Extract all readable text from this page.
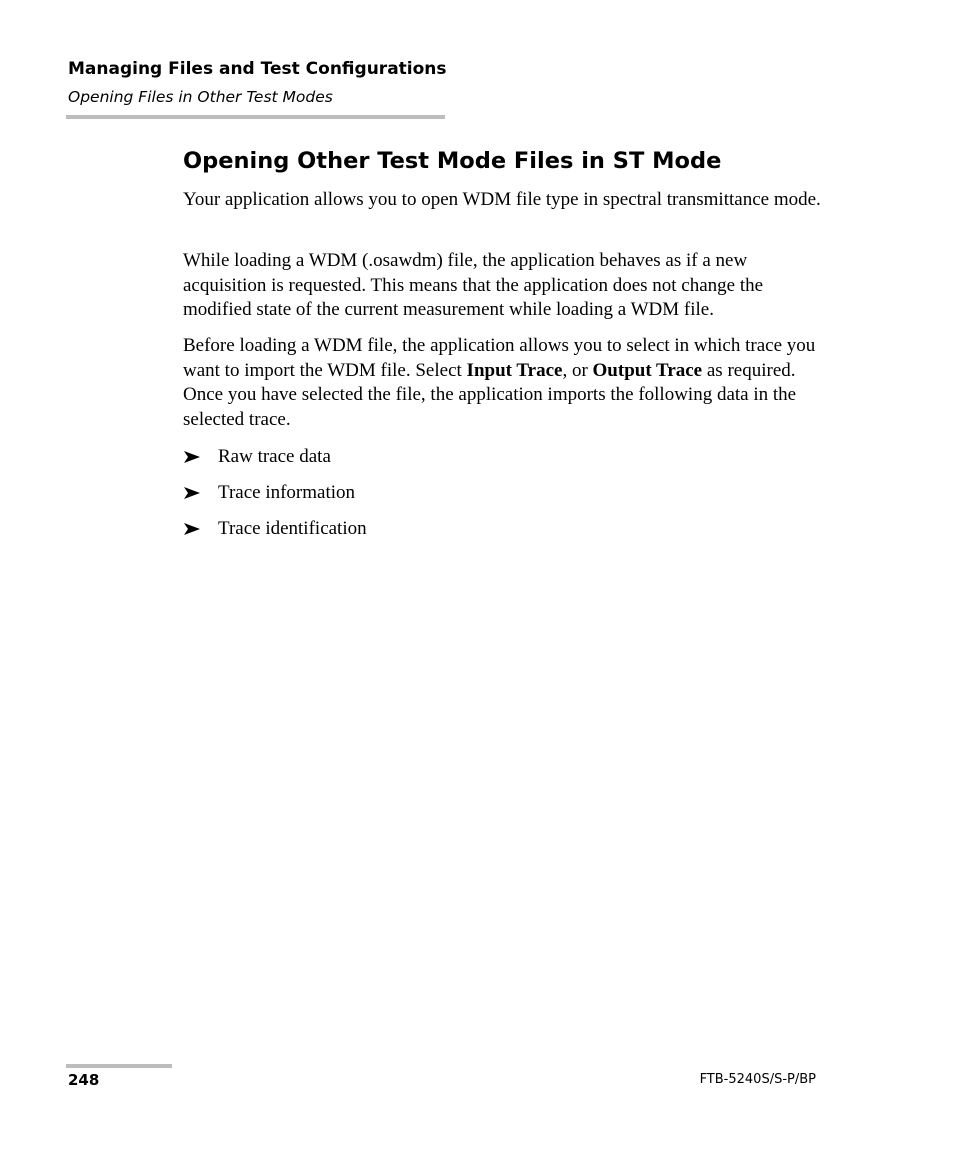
Managing Files and Test Configurations
Opening Files in Other Test Modes
Opening Other Test Mode Files in ST Mode

Your application allows you to open WDM file type in spectral transmittance mode.

While loading a WDM (.osawdm) file, the application behaves as if a new acquisition is requested. This means that the application does not change the modified state of the current measurement while loading a WDM file.

Before loading a WDM file, the application allows you to select in which trace you want to import the WDM file. Select Input Trace, or Output Trace as required. Once you have selected the file, the application imports the following data in the selected trace.

Raw trace data
Trace information
Trace identification
248	FTB-5240S/S-P/BP
